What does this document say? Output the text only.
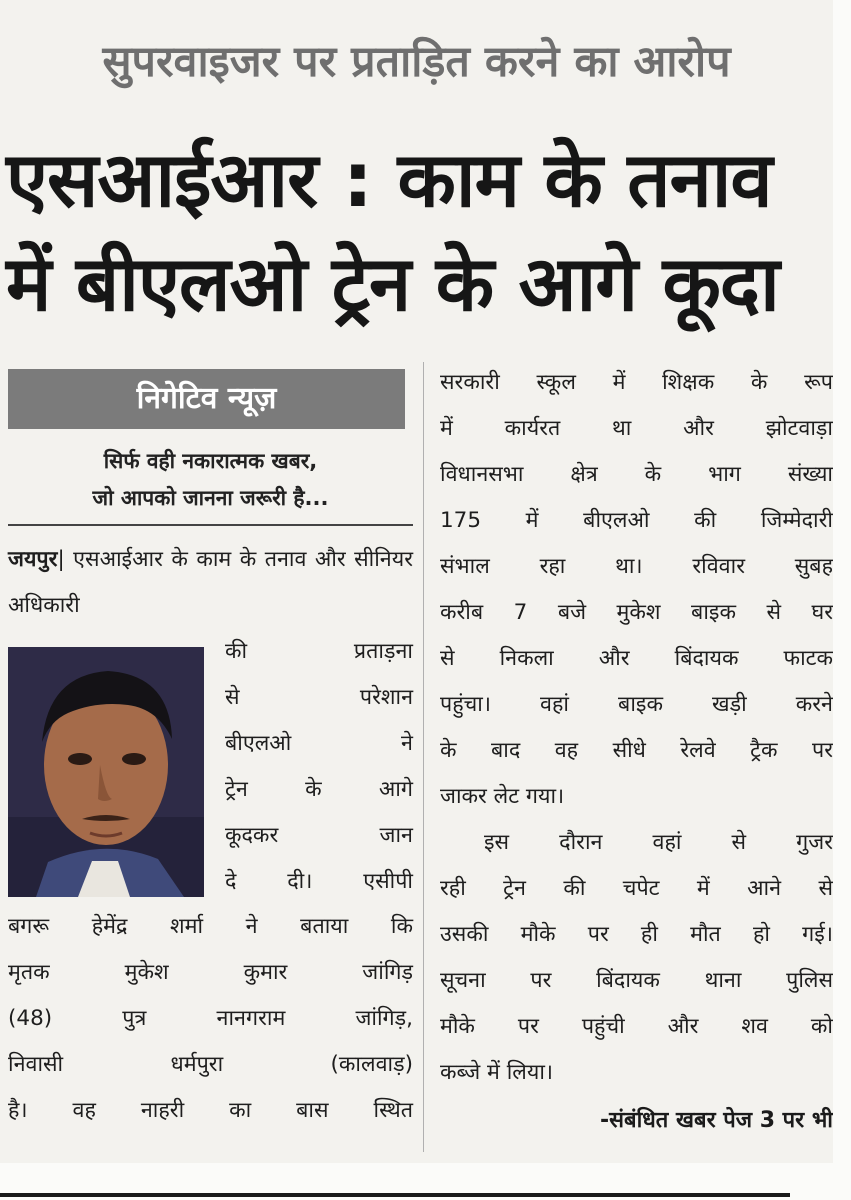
सुपरवाइजर पर प्रताड़ित करने का आरोप
एसआईआर : काम के तनाव
में बीएलओ ट्रेन के आगे कूदा
निगेटिव न्यूज़
सिर्फ वही नकारात्मक खबर,
जो आपको जानना जरूरी है...

जयपुर| एसआईआर के काम के तनाव और सीनियर अधिकारी

की प्रताड़ना
से परेशान
बीएलओ ने
ट्रेन के आगे
कूदकर जान
दे दी। एसीपी
बगरू हेमेंद्र शर्मा ने बताया कि
मृतक मुकेश कुमार जांगिड़
(48) पुत्र नानगराम जांगिड़,
निवासी धर्मपुरा (कालवाड़)
है। वह नाहरी का बास स्थित
सरकारी स्कूल में शिक्षक के रूप
में कार्यरत था और झोटवाड़ा
विधानसभा क्षेत्र के भाग संख्या
175 में बीएलओ की जिम्मेदारी
संभाल रहा था। रविवार सुबह
करीब 7 बजे मुकेश बाइक से घर
से निकला और बिंदायक फाटक
पहुंचा। वहां बाइक खड़ी करने
के बाद वह सीधे रेलवे ट्रैक पर
जाकर लेट गया।
इस दौरान वहां से गुजर
रही ट्रेन की चपेट में आने से
उसकी मौके पर ही मौत हो गई।
सूचना पर बिंदायक थाना पुलिस
मौके पर पहुंची और शव को
कब्जे में लिया।
-संबंधित खबर पेज 3 पर भी
